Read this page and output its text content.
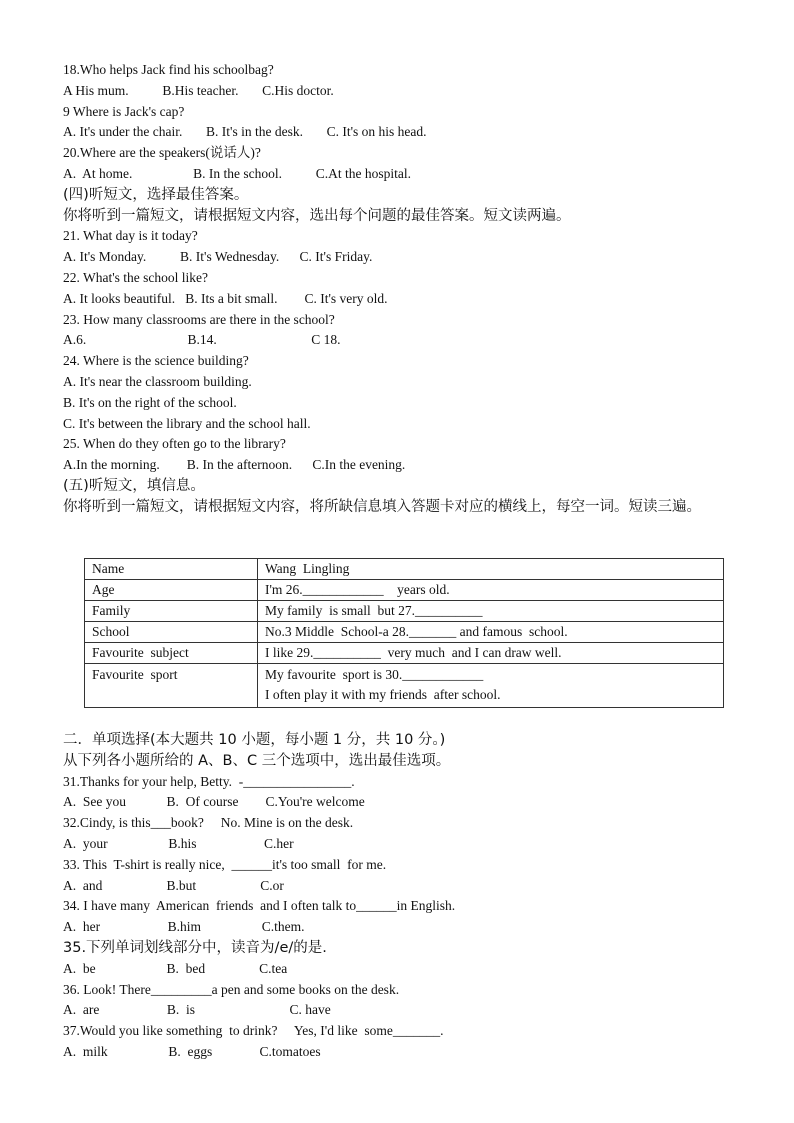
18.Who helps Jack find his schoolbag?
A His mum.          B.His teacher.       C.His doctor.
9 Where is Jack's cap?
A. It's under the chair.       B. It's in the desk.       C. It's on his head.
20.Where are the speakers(说话人)?
A.  At home.                  B. In the school.          C.At the hospital.
(四)听短文，选择最佳答案。
你将听到一篇短文，请根据短文内容，选出每个问题的最佳答案。短文读两遍。
21. What day is it today?
A. It's Monday.          B. It's Wednesday.      C. It's Friday.
22. What's the school like?
A. It looks beautiful.   B. Its a bit small.        C. It's very old.
23. How many classrooms are there in the school?
A.6.                              B.14.                            C 18.
24. Where is the science building?
A. It's near the classroom building.
B. It's on the right of the school.
C. It's between the library and the school hall.
25. When do they often go to the library?
A.In the morning.        B. In the afternoon.      C.In the evening.
(五)听短文，填信息。
你将听到一篇短文，请根据短文内容，将所缺信息填入答题卡对应的横线上，每空一词。短读三遍。
Name	Wang  Lingling
Age	I'm 26.____________    years old.
Family	My family  is small  but 27.__________
School	No.3 Middle  School-a 28._______ and famous  school.
Favourite  subject	I like 29.__________  very much  and I can draw well.
Favourite  sport	My favourite  sport is 30.____________
I often play it with my friends  after school.
二．单项选择(本大题共 10 小题，每小题 1 分，共 10 分。)
从下列各小题所给的 A、B、C 三个选项中，选出最佳选项。
31.Thanks for your help, Betty.  -________________.
A.  See you            B.  Of course        C.You're welcome
32.Cindy, is this___book?     No. Mine is on the desk.
A.  your                  B.his                    C.her
33. This  T-shirt is really nice,  ______it's too small  for me.
A.  and                   B.but                   C.or
34. I have many  American  friends  and I often talk to______in English.
A.  her                    B.him                  C.them.
35.下列单词划线部分中，读音为/e/的是.
A.  be                     B.  bed                C.tea
36. Look! There_________a pen and some books on the desk.
A.  are                    B.  is                            C. have
37.Would you like something  to drink?     Yes, I'd like  some_______.
A.  milk                  B.  eggs              C.tomatoes
